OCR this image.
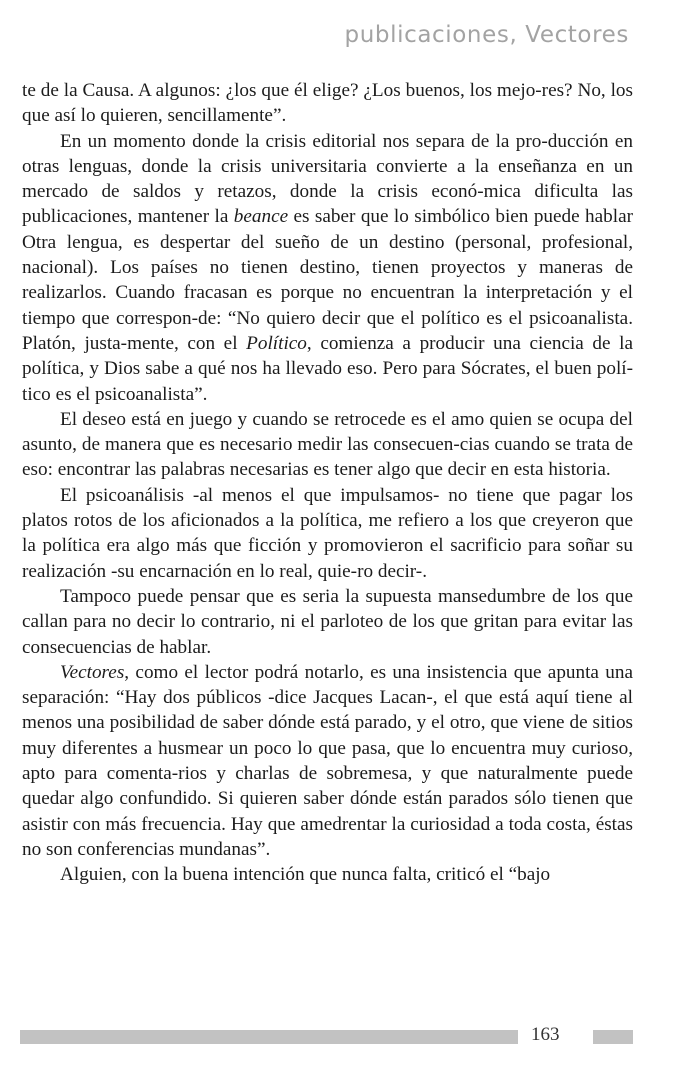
publicaciones, Vectores

te de la Causa. A algunos: ¿los que él elige? ¿Los buenos, los mejo-res? No, los que así lo quieren, sencillamente”.

En un momento donde la crisis editorial nos separa de la pro-ducción en otras lenguas, donde la crisis universitaria convierte a la enseñanza en un mercado de saldos y retazos, donde la crisis econó-mica dificulta las publicaciones, mantener la beance es saber que lo simbólico bien puede hablar Otra lengua, es despertar del sueño de un destino (personal, profesional, nacional). Los países no tienen destino, tienen proyectos y maneras de realizarlos. Cuando fracasan es porque no encuentran la interpretación y el tiempo que correspon-de: “No quiero decir que el político es el psicoanalista. Platón, justa-mente, con el Político, comienza a producir una ciencia de la política, y Dios sabe a qué nos ha llevado eso. Pero para Sócrates, el buen polí-tico es el psicoanalista”.

El deseo está en juego y cuando se retrocede es el amo quien se ocupa del asunto, de manera que es necesario medir las consecuen-cias cuando se trata de eso: encontrar las palabras necesarias es tener algo que decir en esta historia.

El psicoanálisis -al menos el que impulsamos- no tiene que pagar los platos rotos de los aficionados a la política, me refiero a los que creyeron que la política era algo más que ficción y promovieron el sacrificio para soñar su realización -su encarnación en lo real, quie-ro decir-.

Tampoco puede pensar que es seria la supuesta mansedumbre de los que callan para no decir lo contrario, ni el parloteo de los que gritan para evitar las consecuencias de hablar.

Vectores, como el lector podrá notarlo, es una insistencia que apunta una separación: “Hay dos públicos -dice Jacques Lacan-, el que está aquí tiene al menos una posibilidad de saber dónde está parado, y el otro, que viene de sitios muy diferentes a husmear un poco lo que pasa, que lo encuentra muy curioso, apto para comenta-rios y charlas de sobremesa, y que naturalmente puede quedar algo confundido. Si quieren saber dónde están parados sólo tienen que asistir con más frecuencia. Hay que amedrentar la curiosidad a toda costa, éstas no son conferencias mundanas”.

Alguien, con la buena intención que nunca falta, criticó el “bajo

163
